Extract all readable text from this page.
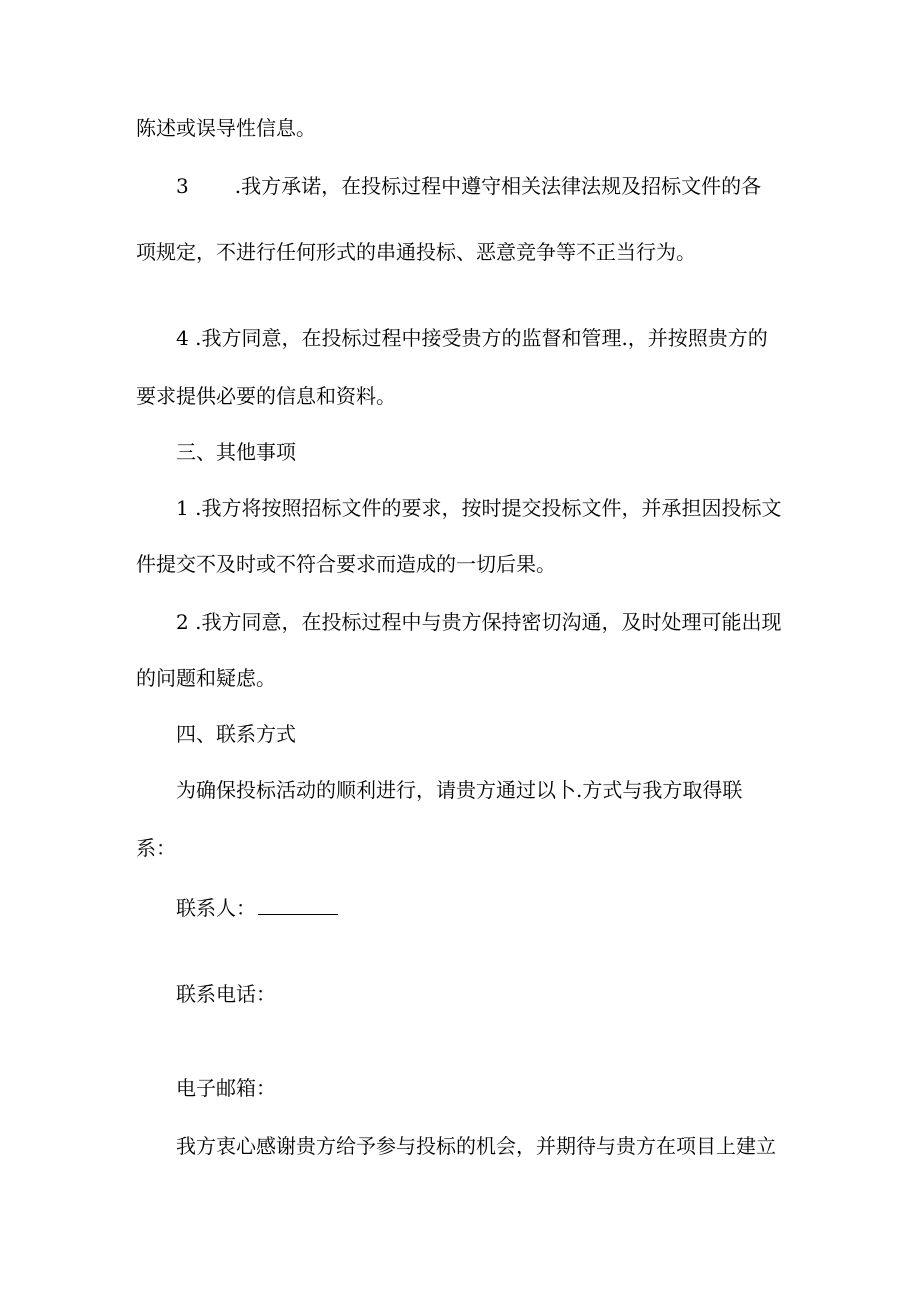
陈述或误导性信息。
3 .我方承诺，在投标过程中遵守相关法律法规及招标文件的各
项规定，不进行任何形式的串通投标、恶意竞争等不正当行为。
4 .我方同意，在投标过程中接受贵方的监督和管理.，并按照贵方的
要求提供必要的信息和资料。
三、其他事项
1 .我方将按照招标文件的要求，按时提交投标文件，并承担因投标文
件提交不及时或不符合要求而造成的一切后果。
2 .我方同意，在投标过程中与贵方保持密切沟通，及时处理可能出现
的问题和疑虑。
四、联系方式
为确保投标活动的顺利进行，请贵方通过以卜.方式与我方取得联
系：
联系人：
联系电话：
电子邮箱：
我方衷心感谢贵方给予参与投标的机会，并期待与贵方在项目上建立
